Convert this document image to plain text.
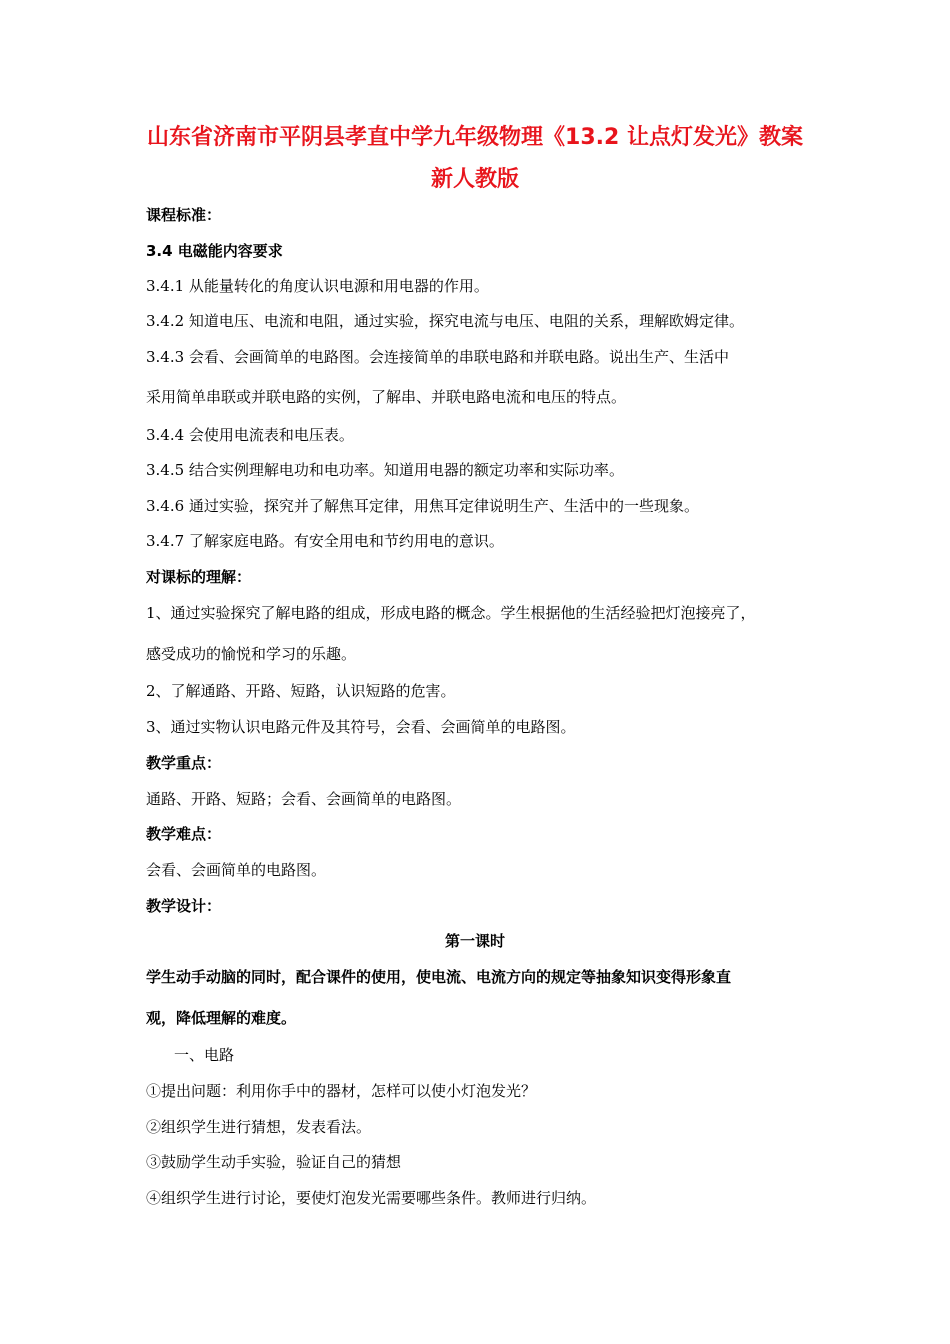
山东省济南市平阴县孝直中学九年级物理《13.2 让点灯发光》教案
新人教版
课程标准：
3.4 电磁能内容要求
3.4.1 从能量转化的角度认识电源和用电器的作用。
3.4.2 知道电压、电流和电阻，通过实验，探究电流与电压、电阻的关系，理解欧姆定律。
3.4.3 会看、会画简单的电路图。会连接简单的串联电路和并联电路。说出生产、生活中
采用简单串联或并联电路的实例，了解串、并联电路电流和电压的特点。
3.4.4 会使用电流表和电压表。
3.4.5 结合实例理解电功和电功率。知道用电器的额定功率和实际功率。
3.4.6 通过实验，探究并了解焦耳定律，用焦耳定律说明生产、生活中的一些现象。
3.4.7 了解家庭电路。有安全用电和节约用电的意识。
对课标的理解：
1、通过实验探究了解电路的组成，形成电路的概念。学生根据他的生活经验把灯泡接亮了，
感受成功的愉悦和学习的乐趣。
2、了解通路、开路、短路，认识短路的危害。
3、通过实物认识电路元件及其符号，会看、会画简单的电路图。
教学重点：
通路、开路、短路；会看、会画简单的电路图。
教学难点：
会看、会画简单的电路图。
教学设计：
第一课时
学生动手动脑的同时，配合课件的使用，使电流、电流方向的规定等抽象知识变得形象直
观，降低理解的难度。
一、电路
①提出问题：利用你手中的器材，怎样可以使小灯泡发光？
②组织学生进行猜想，发表看法。
③鼓励学生动手实验，验证自己的猜想
④组织学生进行讨论，要使灯泡发光需要哪些条件。教师进行归纳。
